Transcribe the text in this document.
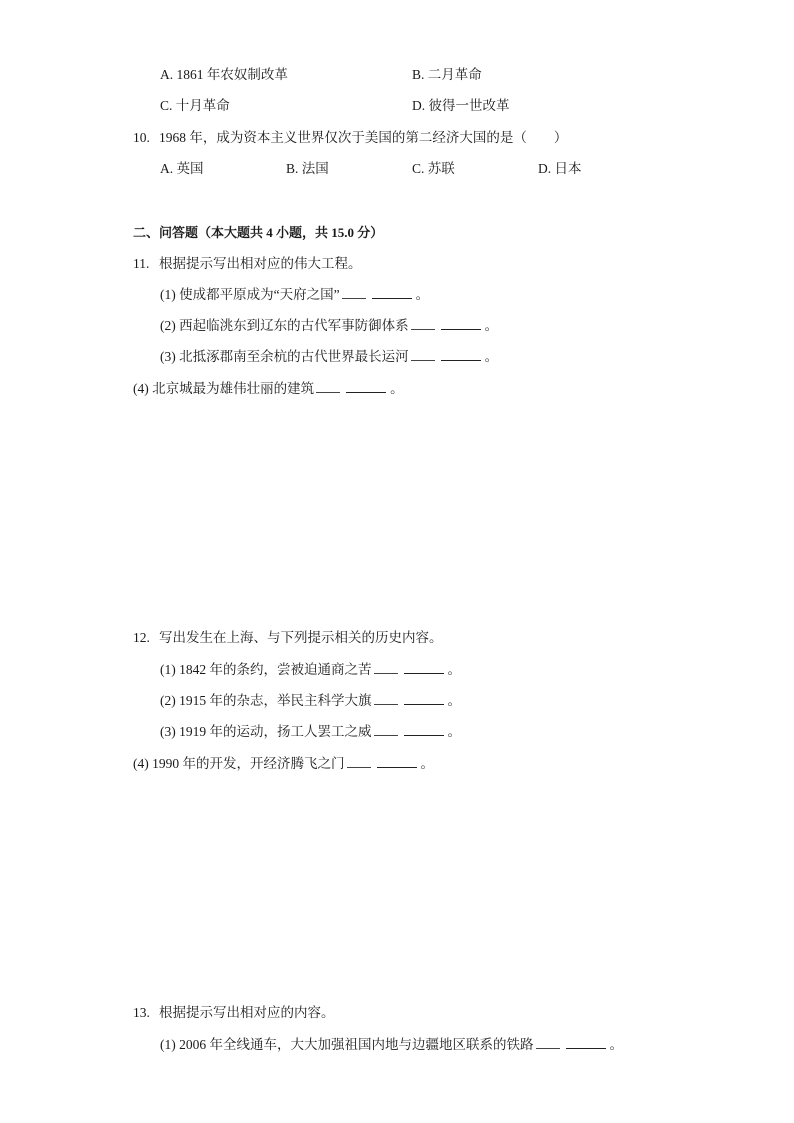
A. 1861 年农奴制改革	B. 二月革命
C. 十月革命	D. 彼得一世改革
10. 1968 年，成为资本主义世界仅次于美国的第二经济大国的是（　　）
A. 英国	B. 法国	C. 苏联	D. 日本
二、问答题（本大题共 4 小题，共 15.0 分）
11. 根据提示写出相对应的伟大工程。
(1) 使成都平原成为“天府之国”	。
(2) 西起临洮东到辽东的古代军事防御体系	。
(3) 北抵涿郡南至余杭的古代世界最长运河	。
(4) 北京城最为雄伟壮丽的建筑	。
12. 写出发生在上海、与下列提示相关的历史内容。
(1) 1842 年的条约，尝被迫通商之苦	。
(2) 1915 年的杂志，举民主科学大旗	。
(3) 1919 年的运动，扬工人罢工之威	。
(4) 1990 年的开发，开经济腾飞之门	。
13. 根据提示写出相对应的内容。
(1) 2006 年全线通车，大大加强祖国内地与边疆地区联系的铁路	。
